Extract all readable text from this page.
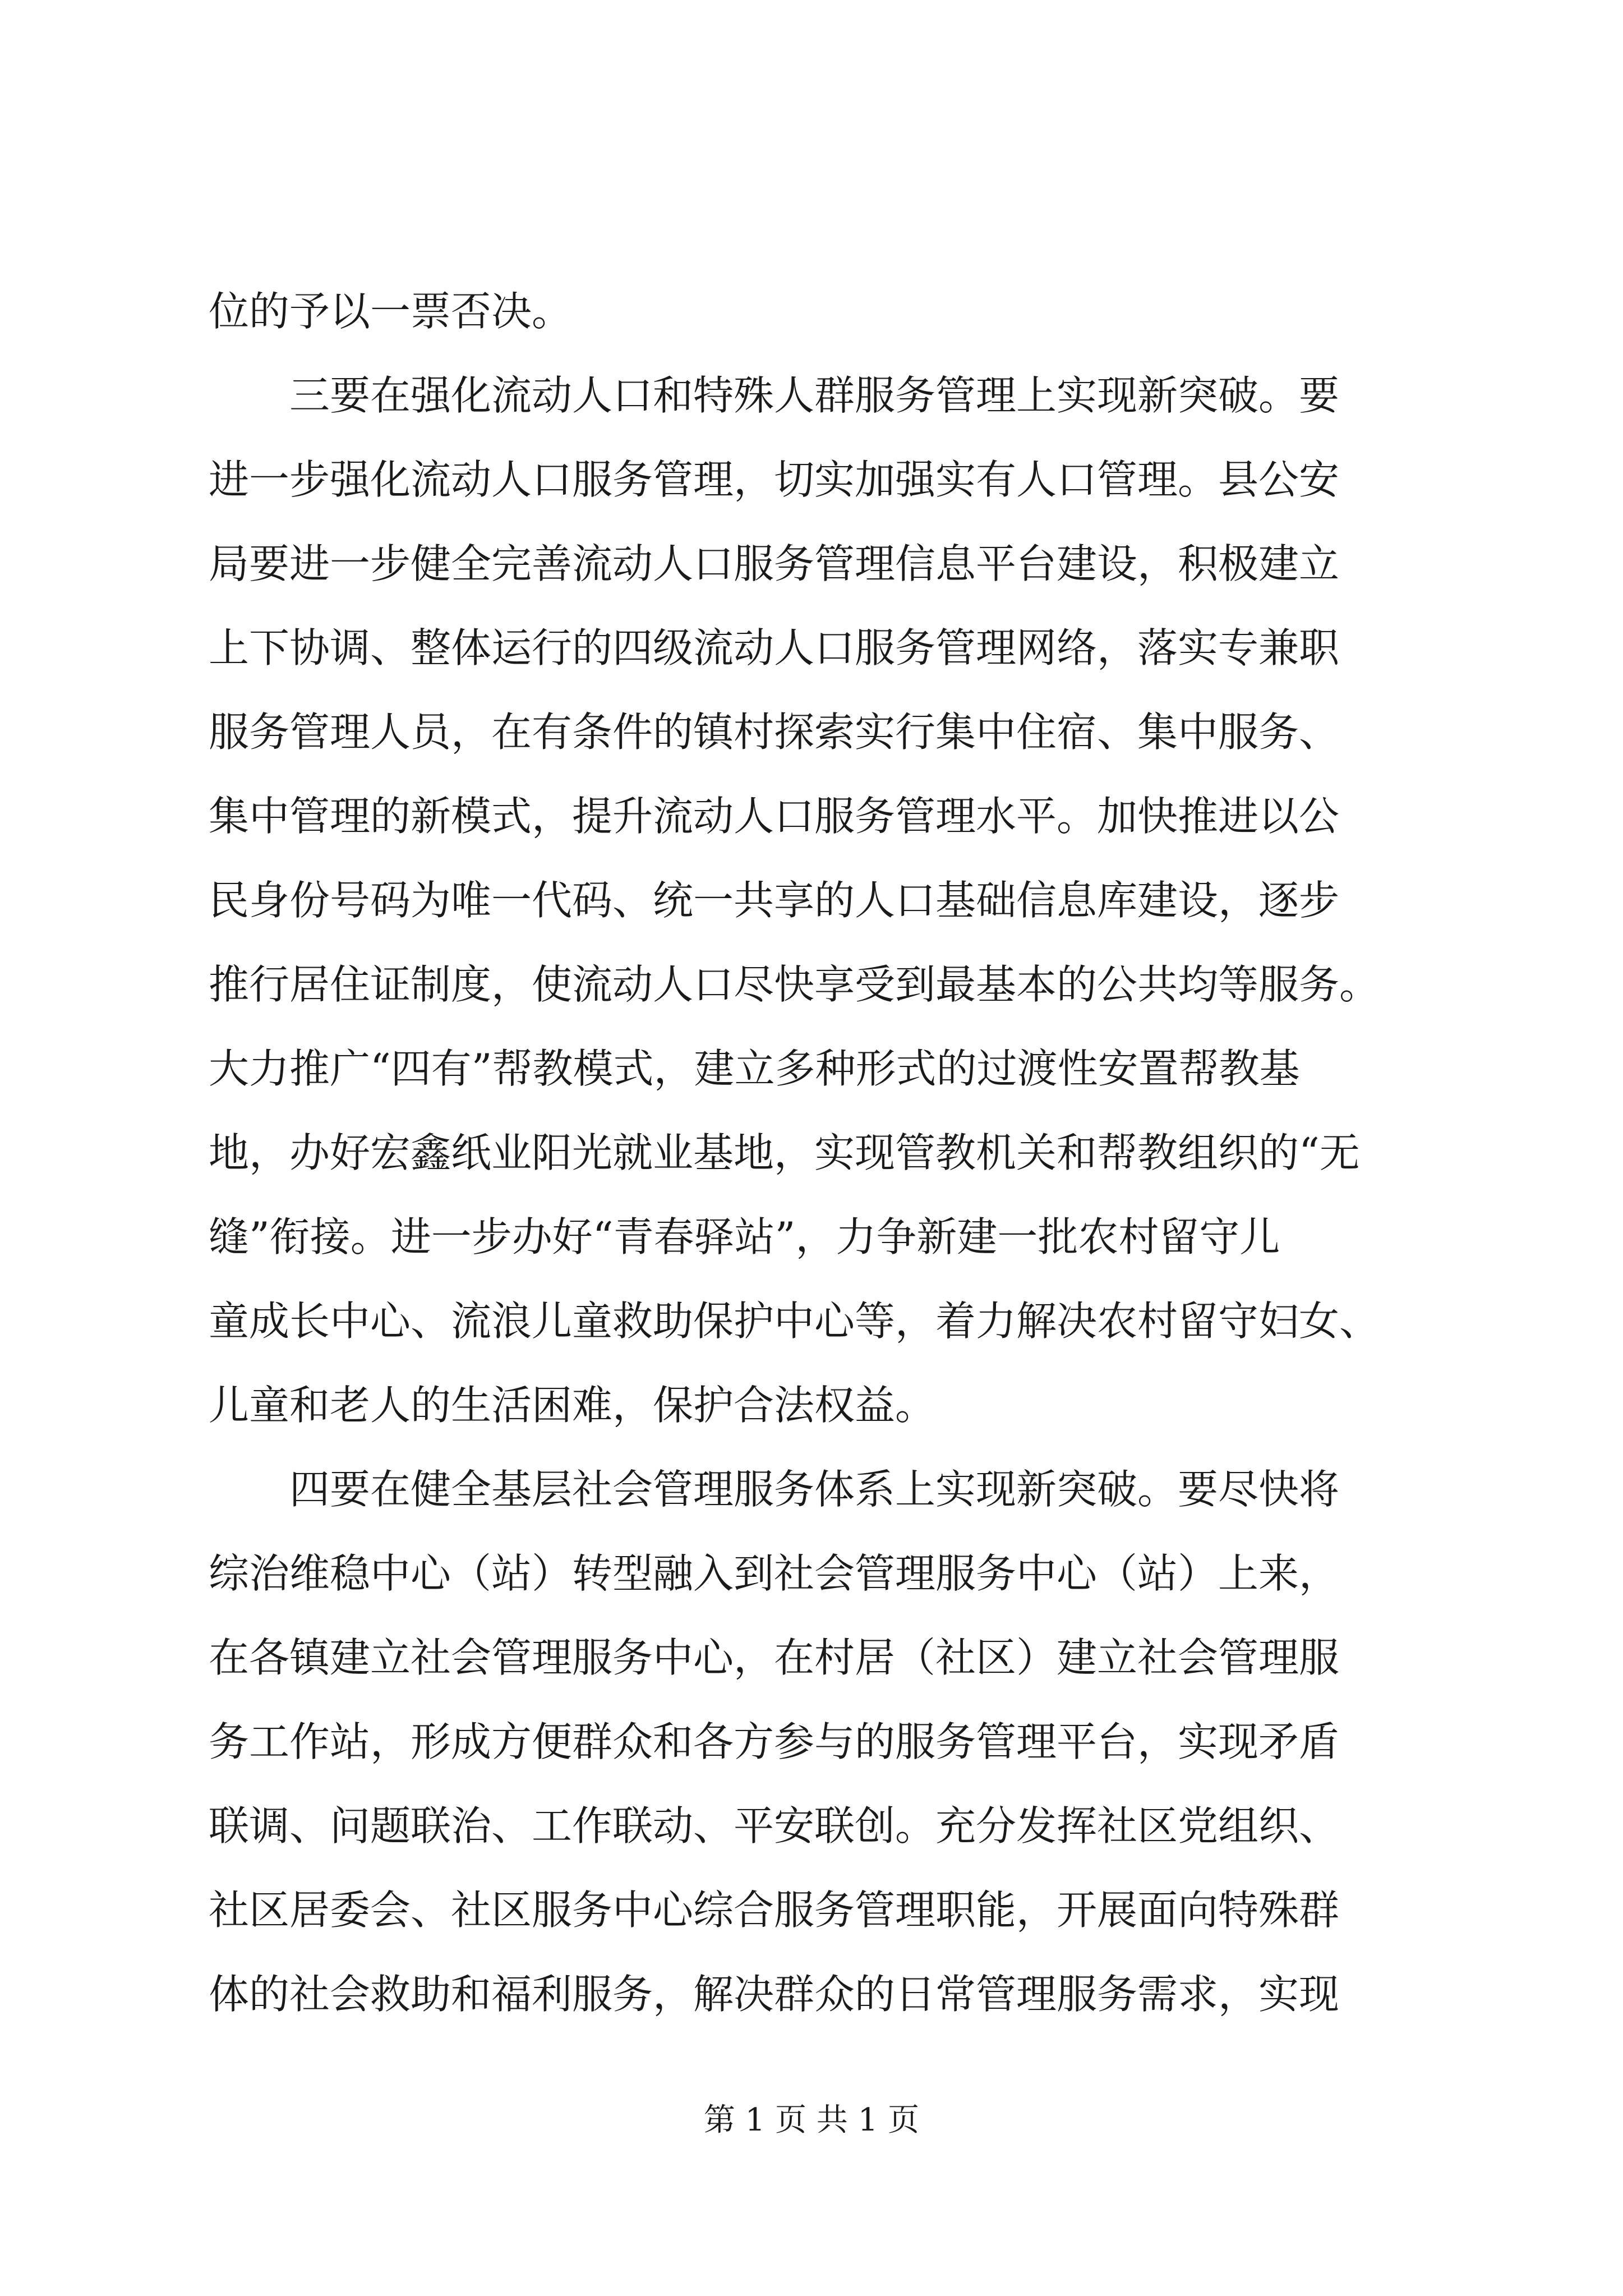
位的予以一票否决。
　　三要在强化流动人口和特殊人群服务管理上实现新突破。要
进一步强化流动人口服务管理，切实加强实有人口管理。县公安
局要进一步健全完善流动人口服务管理信息平台建设，积极建立
上下协调、整体运行的四级流动人口服务管理网络，落实专兼职
服务管理人员，在有条件的镇村探索实行集中住宿、集中服务、
集中管理的新模式，提升流动人口服务管理水平。加快推进以公
民身份号码为唯一代码、统一共享的人口基础信息库建设，逐步
推行居住证制度，使流动人口尽快享受到最基本的公共均等服务。
大力推广“四有”帮教模式，建立多种形式的过渡性安置帮教基
地，办好宏鑫纸业阳光就业基地，实现管教机关和帮教组织的“无
缝”衔接。进一步办好“青春驿站”，力争新建一批农村留守儿
童成长中心、流浪儿童救助保护中心等，着力解决农村留守妇女、
儿童和老人的生活困难，保护合法权益。
　　四要在健全基层社会管理服务体系上实现新突破。要尽快将
综治维稳中心（站）转型融入到社会管理服务中心（站）上来，
在各镇建立社会管理服务中心，在村居（社区）建立社会管理服
务工作站，形成方便群众和各方参与的服务管理平台，实现矛盾
联调、问题联治、工作联动、平安联创。充分发挥社区党组织、
社区居委会、社区服务中心综合服务管理职能，开展面向特殊群
体的社会救助和福利服务，解决群众的日常管理服务需求，实现
第 1 页 共 1 页
